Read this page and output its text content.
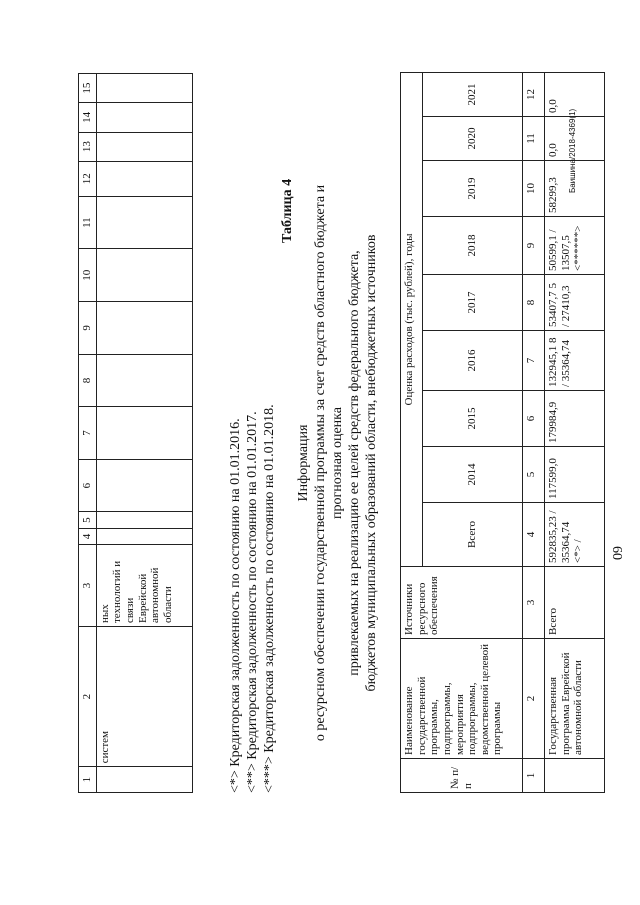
1	2	3	4	5	6	7	8	9	10	11	12	13	14	15
	систем	ных технологий и связи Еврейской автономной области													<*> Кредиторская задолженность по состоянию на 01.01.2016. <**> Кредиторская задолженность по состоянию на 01.01.2017. <***> Кредиторская задолженность по состоянию на 01.01.2018.
Таблица 4
Информация о ресурсном обеспечении государственной программы за счет средств областного бюджета и прогнозная оценка привлекаемых на реализацию ее целей средств федерального бюджета, бюджетов муниципальных образований области, внебюджетных источников
№ п/п	Наименование государственной программы, подпрограммы, мероприятия подпрограммы, ведомственной целевой программы	Источники ресурсного обеспечения	Оценка расходов (тыс. рублей), годы								
			Всего	2014	2015	2016	2017	2018	2019	2020	2021
1	2	3	4	5	6	7	8	9	10	11	12
	Государственная программа Еврейской автономной области	Всего	592835,23 / 35364,74 <*> /	117599,0	179984,9	132945,1 8 / 35364,74	53407,7 5 / 27410,3	50599,1 / 13507,5 <******>	58299,3	0,0	0,0
Баишина/2018-4369(1)
60
